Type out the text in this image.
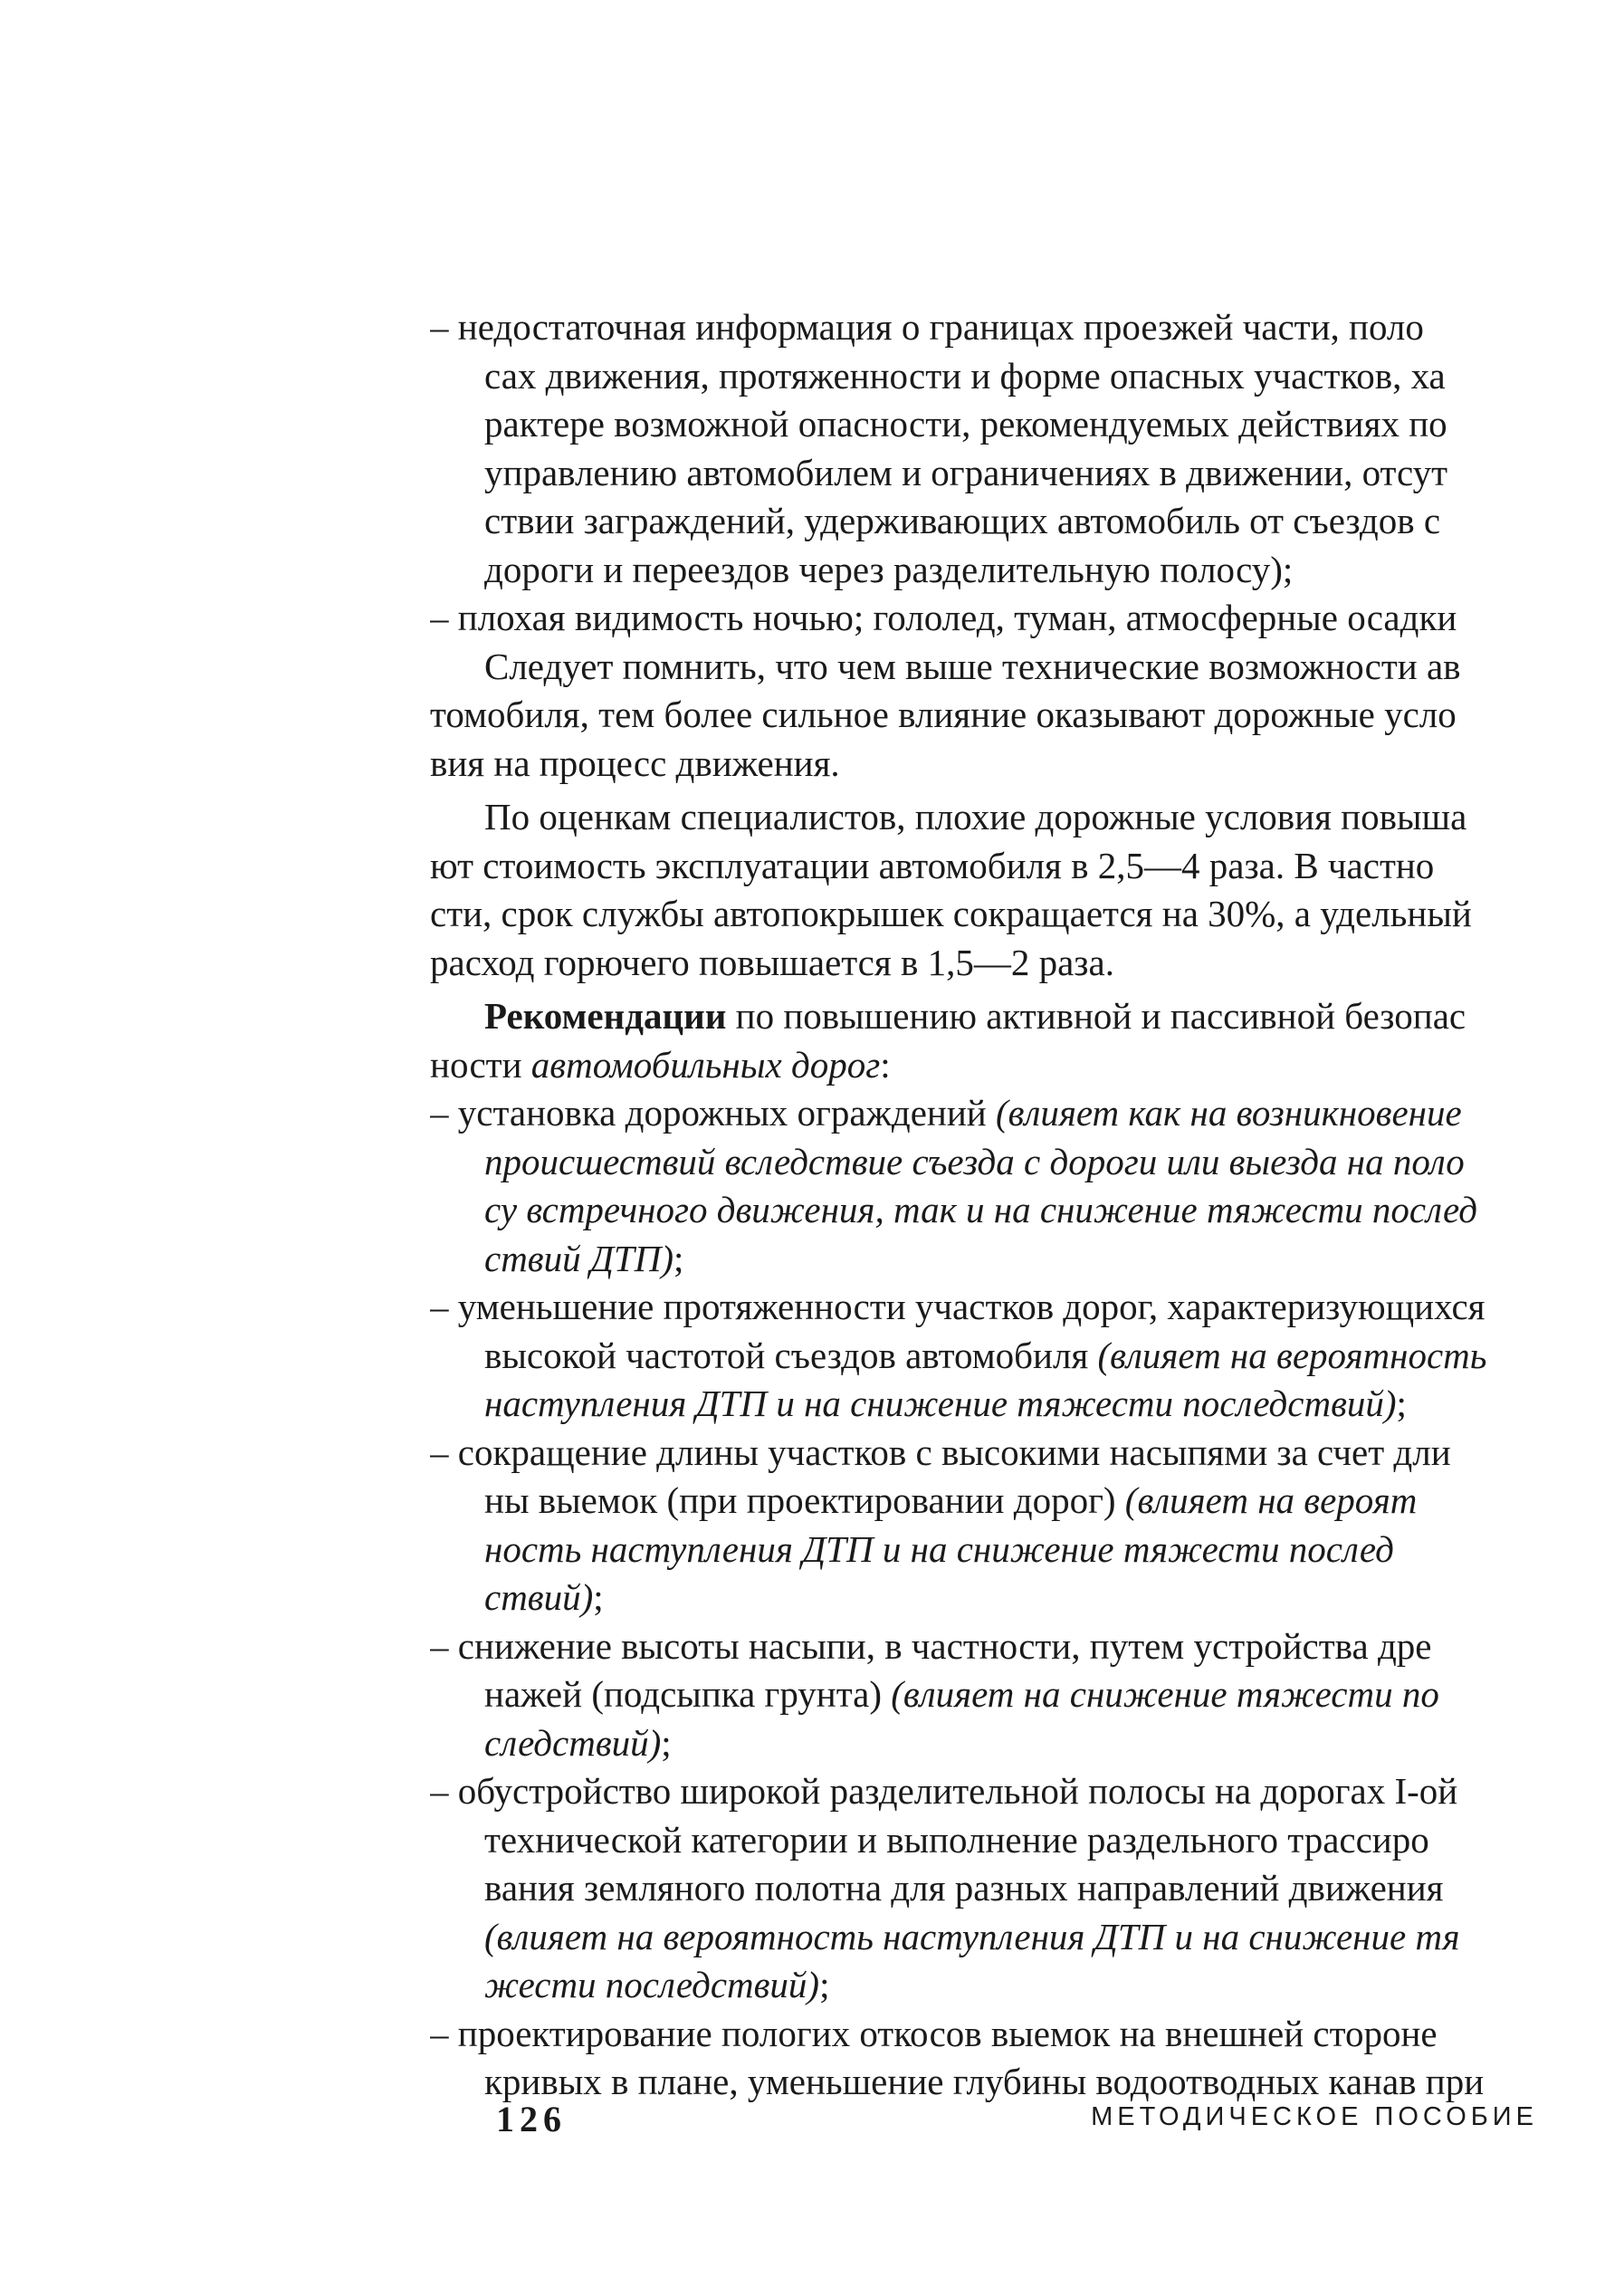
– недостаточная информация о границах проезжей части, поло
сах движения, протяженности и форме опасных участков, ха
рактере возможной опасности, рекомендуемых действиях по
управлению автомобилем и ограничениях в движении, отсут
ствии заграждений, удерживающих автомобиль от съездов с
дороги и переездов через разделительную полосу);
– плохая видимость ночью; гололед, туман, атмосферные осадки
Следует помнить, что чем выше технические возможности ав
томобиля, тем более сильное влияние оказывают дорожные усло
вия на процесс движения.
По оценкам специалистов, плохие дорожные условия повыша
ют стоимость эксплуатации автомобиля в 2,5—4 раза. В частно
сти, срок службы автопокрышек сокращается на 30%, а удельный
расход горючего повышается в 1,5—2 раза.
Рекомендации по повышению активной и пассивной безопас
ности автомобильных дорог:
– установка дорожных ограждений (влияет как на возникновение
происшествий вследствие съезда с дороги или выезда на поло
су встречного движения, так и на снижение тяжести послед
ствий ДТП);
– уменьшение протяженности участков дорог, характеризующихся
высокой частотой съездов автомобиля (влияет на вероятность
наступления ДТП и на снижение тяжести последствий);
– сокращение длины участков с высокими насыпями за счет дли
ны выемок (при проектировании дорог) (влияет на вероят
ность наступления ДТП и на снижение тяжести послед
ствий);
– снижение высоты насыпи, в частности, путем устройства дре
нажей (подсыпка грунта) (влияет на снижение тяжести по
следствий);
– обустройство широкой разделительной полосы на дорогах I-ой
технической категории и выполнение раздельного трассиро
вания земляного полотна для разных направлений движения
(влияет на вероятность наступления ДТП и на снижение тя
жести последствий);
– проектирование пологих откосов выемок на внешней стороне
кривых в плане, уменьшение глубины водоотводных канав при
126	МЕТОДИЧЕСКОЕ ПОСОБИЕ
